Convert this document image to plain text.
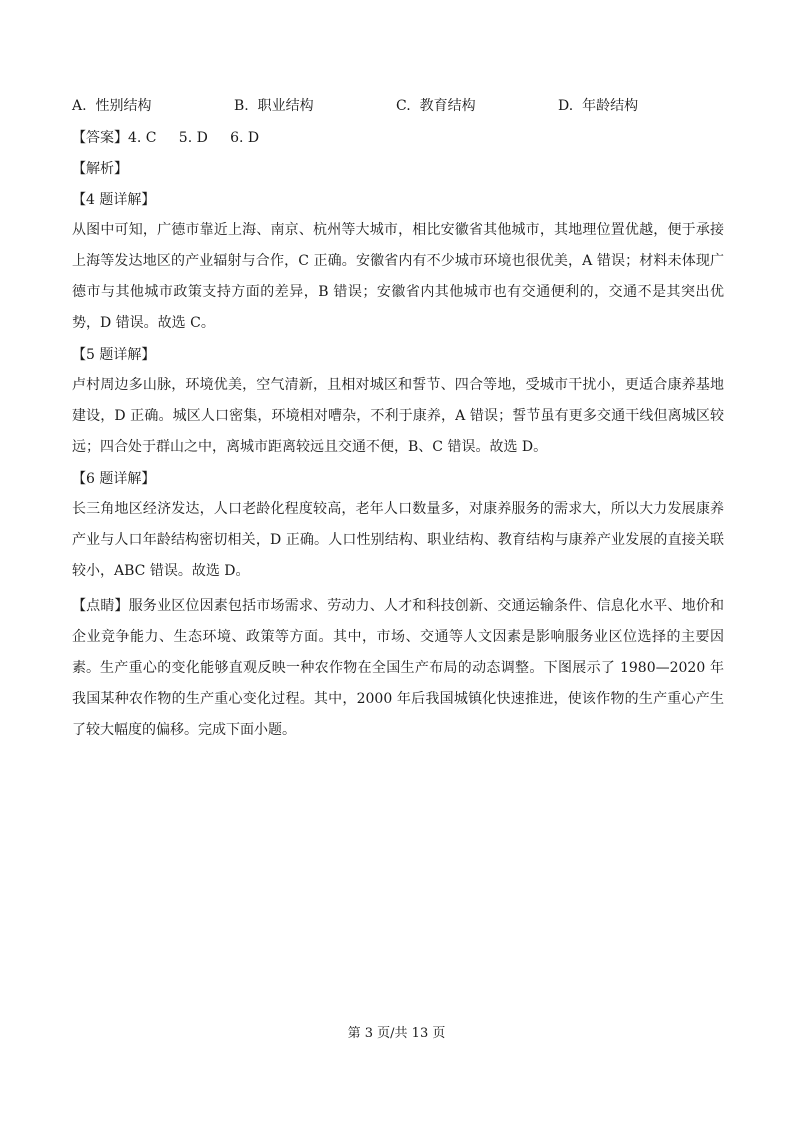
A. 性别结构	B. 职业结构	C. 教育结构	D. 年龄结构
【答案】4. C 5. D 6. D
【解析】
【4 题详解】
从图中可知，广德市靠近上海、南京、杭州等大城市，相比安徽省其他城市，其地理位置优越，便于承接上海等发达地区的产业辐射与合作，C 正确。安徽省内有不少城市环境也很优美，A 错误；材料未体现广德市与其他城市政策支持方面的差异，B 错误；安徽省内其他城市也有交通便利的，交通不是其突出优势，D 错误。故选 C。
【5 题详解】
卢村周边多山脉，环境优美，空气清新，且相对城区和誓节、四合等地，受城市干扰小，更适合康养基地建设，D 正确。城区人口密集，环境相对嘈杂，不利于康养，A 错误；誓节虽有更多交通干线但离城区较远；四合处于群山之中，离城市距离较远且交通不便，B、C 错误。故选 D。
【6 题详解】
长三角地区经济发达，人口老龄化程度较高，老年人口数量多，对康养服务的需求大，所以大力发展康养产业与人口年龄结构密切相关，D 正确。人口性别结构、职业结构、教育结构与康养产业发展的直接关联较小，ABC 错误。故选 D。
【点睛】服务业区位因素包括市场需求、劳动力、人才和科技创新、交通运输条件、信息化水平、地价和企业竞争能力、生态环境、政策等方面。其中，市场、交通等人文因素是影响服务业区位选择的主要因素。 生产重心的变化能够直观反映一种农作物在全国生产布局的动态调整。下图展示了 1980—2020 年我国某种农作物的生产重心变化过程。其中，2000 年后我国城镇化快速推进，使该作物的生产重心产生了较大幅度的偏移。完成下面小题。
第 3 页/共 13 页
